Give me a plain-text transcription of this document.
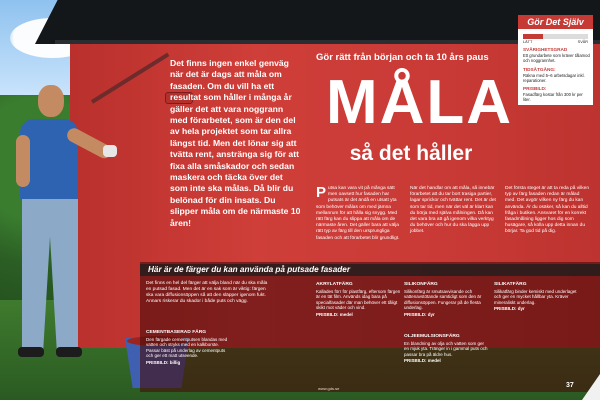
Det finns ingen enkel genväg när det är dags att måla om fasaden. Om du vill ha ett resultat som håller i många år gäller det att vara noggrann med förarbetet, som är den del av hela projektet som tar allra längst tid. Men det lönar sig att tvätta rent, anstränga sig för att fixa alla småskador och sedan maskera och täcka över det som inte ska målas. Då blir du belönad för din insats. Du slipper måla om de närmaste 10 åren!

Gör rätt från början och ta 10 års paus
MÅLA
så det håller

Putsa kan vara vit på många sätt men oavsett hur fasaden har putsats är det ändå en utsatt yta som behöver målas om med jämna mellanrum för att hålla sig snygg. Med rätt färg kan du slippa att måla om de närmaste åren. Det gäller bara att välja rätt typ av färg till den ursprungliga fasaden och att förarbetet blir grundligt.

När det handlar om att måla, så innebär förarbetet att du tar bort trasiga partier, lagar sprickor och tvättar rent. Det är det som tar tid, men när det väl är klart kan du börja med själva målningen. Då kan det vara bra att gå igenom vilka verktyg du behöver och hur du ska lägga upp jobbet.

Det första steget är att ta reda på vilken typ av färg fasaden redan är målad med. Det avgör vilken ny färg du kan använda. Är du osäker, så kan du alltid fråga i butiken. Ansvaret för en korrekt fasadmålning ligger hos dig som husägare, så kolla upp detta innan du börjar. Ta god tid på dig.

Här är de färger du kan använda på putsade fasader

Det finns en hel del färger att välja bland när du ska måla en putsad fasad. Men det är en sak som är viktig: färgen ska vara diffusionsöppen så att den släpper igenom fukt. Annars riskerar du skador i både puts och vägg.

CEMENTBASERAD FÄRG
Den färgade cementputsen blandas med vatten och stryks med en kalkborste. Passar bäst på underlag av cementputs och ger ett matt utseende.
PRISBILD: billig
AKRYLATFÄRG
Kallades förr för plastfärg, eftersom färgen är en tät film. Används idag bara på specialfasader där man behöver ett tåligt skikt mot väder och vind.
PRISBILD: medel
SILIKONFÄRG
Silikonfärg är smutsavvisande och vattenavstötande samtidigt som den är diffusionsöppen. Fungerar på de flesta underlag.
PRISBILD: dyr
SILIKATFÄRG
Silikatfärg binder kemiskt med underlaget och ger en mycket hållbar yta. Kräver mineraliskt underlag.
PRISBILD: dyr
OLJEEMULSIONSFÄRG
En blandning av olja och vatten som ger en mjuk yta. Tränger in i gammal puts och passar bra på äldre hus.
PRISBILD: medel
Gör Det Själv
LÄTT	SVÅR

SVÅRIGHETSGRAD

Ett grundarbete som kräver tålamod och noggrannhet.

TIDSÅTGÅNG:

Räkna med 5–6 arbetsdagar inkl. reparationer.

PRISBILD:

Fasadfärg kostar från 300 kr per liter.

www.gds.se	37
